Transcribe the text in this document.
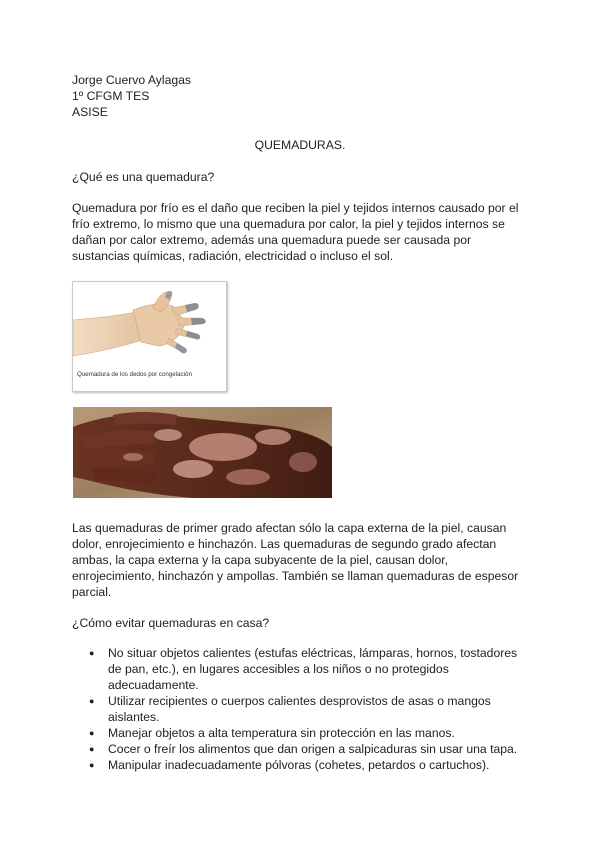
Jorge Cuervo Aylagas
1º CFGM TES
ASISE
QUEMADURAS.
¿Qué es una quemadura?
Quemadura por frío es el daño que reciben la piel y tejidos internos causado por el frío extremo, lo mismo que una quemadura por calor, la piel y tejidos internos se dañan por calor extremo, además una quemadura puede ser causada por sustancias químicas, radiación, electricidad o incluso el sol.
Quemadura de los dedos por congelación
Las quemaduras de primer grado afectan sólo la capa externa de la piel, causan dolor, enrojecimiento e hinchazón. Las quemaduras de segundo grado afectan ambas, la capa externa y la capa subyacente de la piel, causan dolor, enrojecimiento, hinchazón y ampollas. También se llaman quemaduras de espesor parcial.
¿Cómo evitar quemaduras en casa?
● No situar objetos calientes (estufas eléctricas, lámparas, hornos, tostadores de pan, etc.), en lugares accesibles a los niños o no protegidos adecuadamente.
● Utilizar recipientes o cuerpos calientes desprovistos de asas o mangos aislantes.
● Manejar objetos a alta temperatura sin protección en las manos.
● Cocer o freír los alimentos que dan origen a salpicaduras sin usar una tapa.
● Manipular inadecuadamente pólvoras (cohetes, petardos o cartuchos).
